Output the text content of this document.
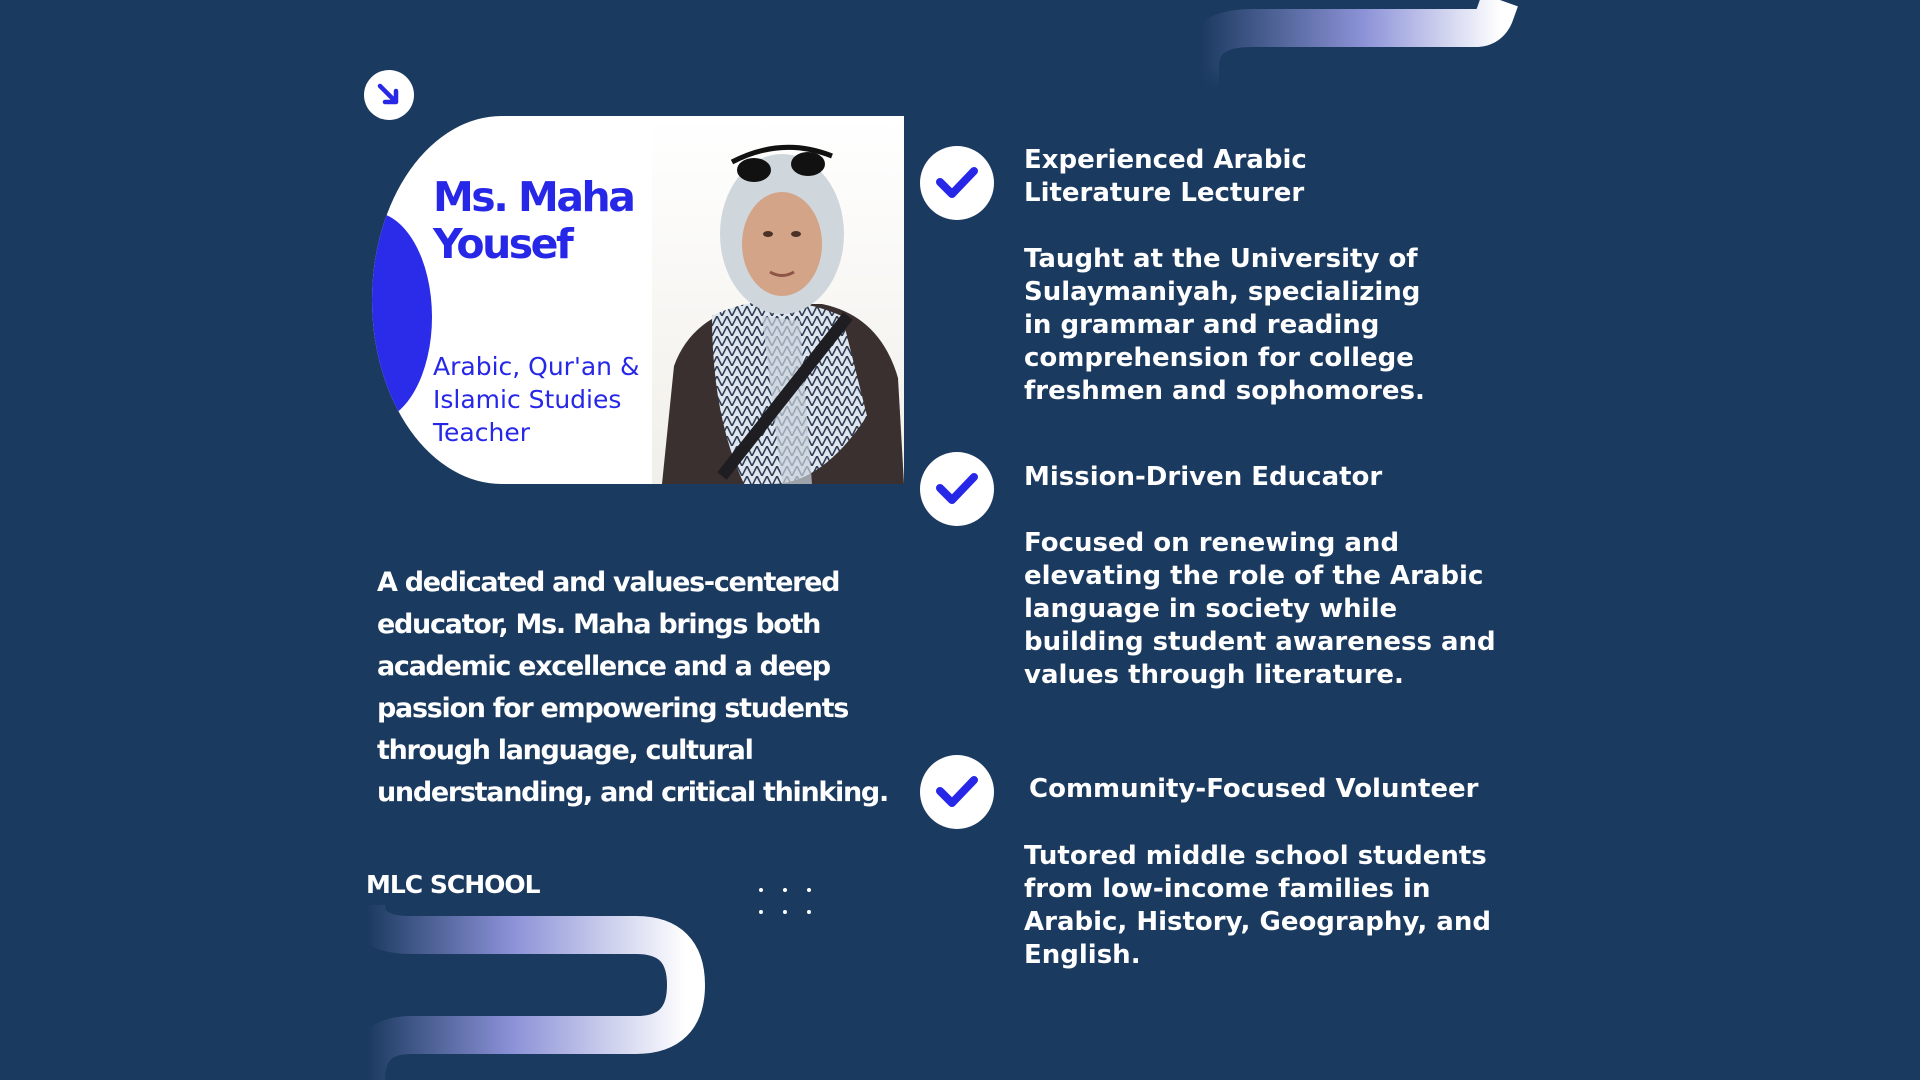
Ms. Maha
Yousef
Arabic, Qur'an & Islamic Studies Teacher

A dedicated and values-centered educator, Ms. Maha brings both academic excellence and a deep passion for empowering students through language, cultural understanding, and critical thinking.

MLC SCHOOL
Experienced Arabic Literature Lecturer

Taught at the University of Sulaymaniyah, specializing in grammar and reading comprehension for college freshmen and sophomores.

Mission-Driven Educator

Focused on renewing and elevating the role of the Arabic language in society while building student awareness and values through literature.

Community-Focused Volunteer

Tutored middle school students from low-income families in Arabic, History, Geography, and English.
